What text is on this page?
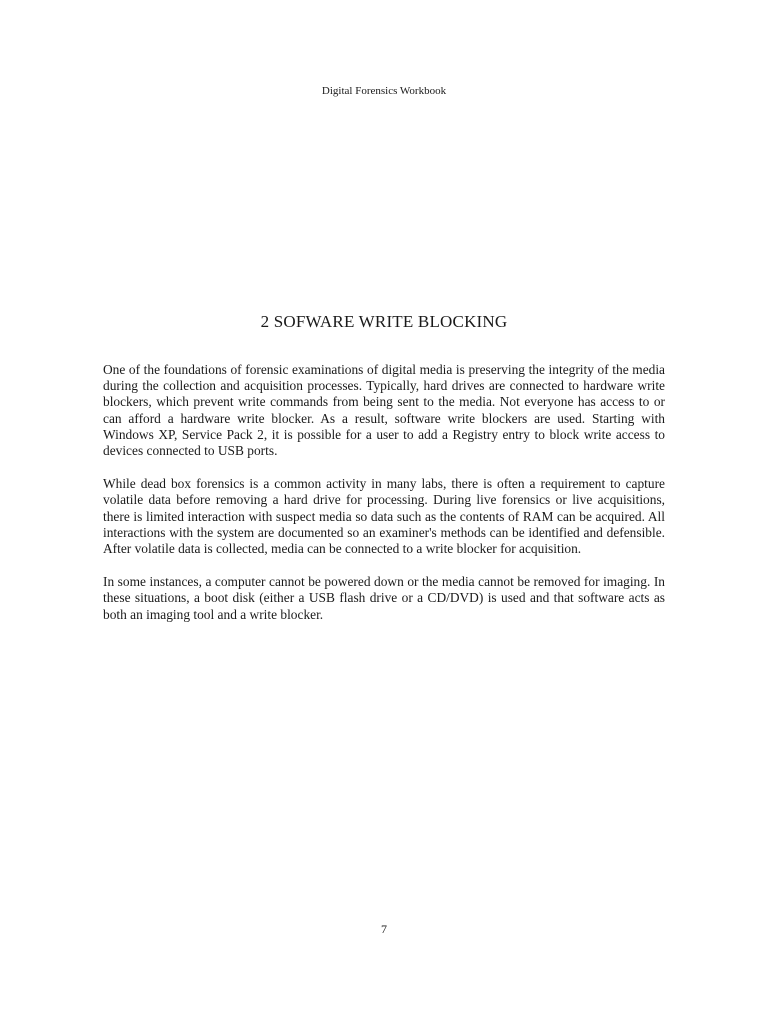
Digital Forensics Workbook
2 SOFWARE WRITE BLOCKING

One of the foundations of forensic examinations of digital media is preserving the integrity of the media during the collection and acquisition processes. Typically, hard drives are connected to hardware write blockers, which prevent write commands from being sent to the media. Not everyone has access to or can afford a hardware write blocker. As a result, software write blockers are used. Starting with Windows XP, Service Pack 2, it is possible for a user to add a Registry entry to block write access to devices connected to USB ports.

While dead box forensics is a common activity in many labs, there is often a requirement to capture volatile data before removing a hard drive for processing. During live forensics or live acquisitions, there is limited interaction with suspect media so data such as the contents of RAM can be acquired. All interactions with the system are documented so an examiner's methods can be identified and defensible. After volatile data is collected, media can be connected to a write blocker for acquisition.

In some instances, a computer cannot be powered down or the media cannot be removed for imaging. In these situations, a boot disk (either a USB flash drive or a CD/DVD) is used and that software acts as both an imaging tool and a write blocker.

7
